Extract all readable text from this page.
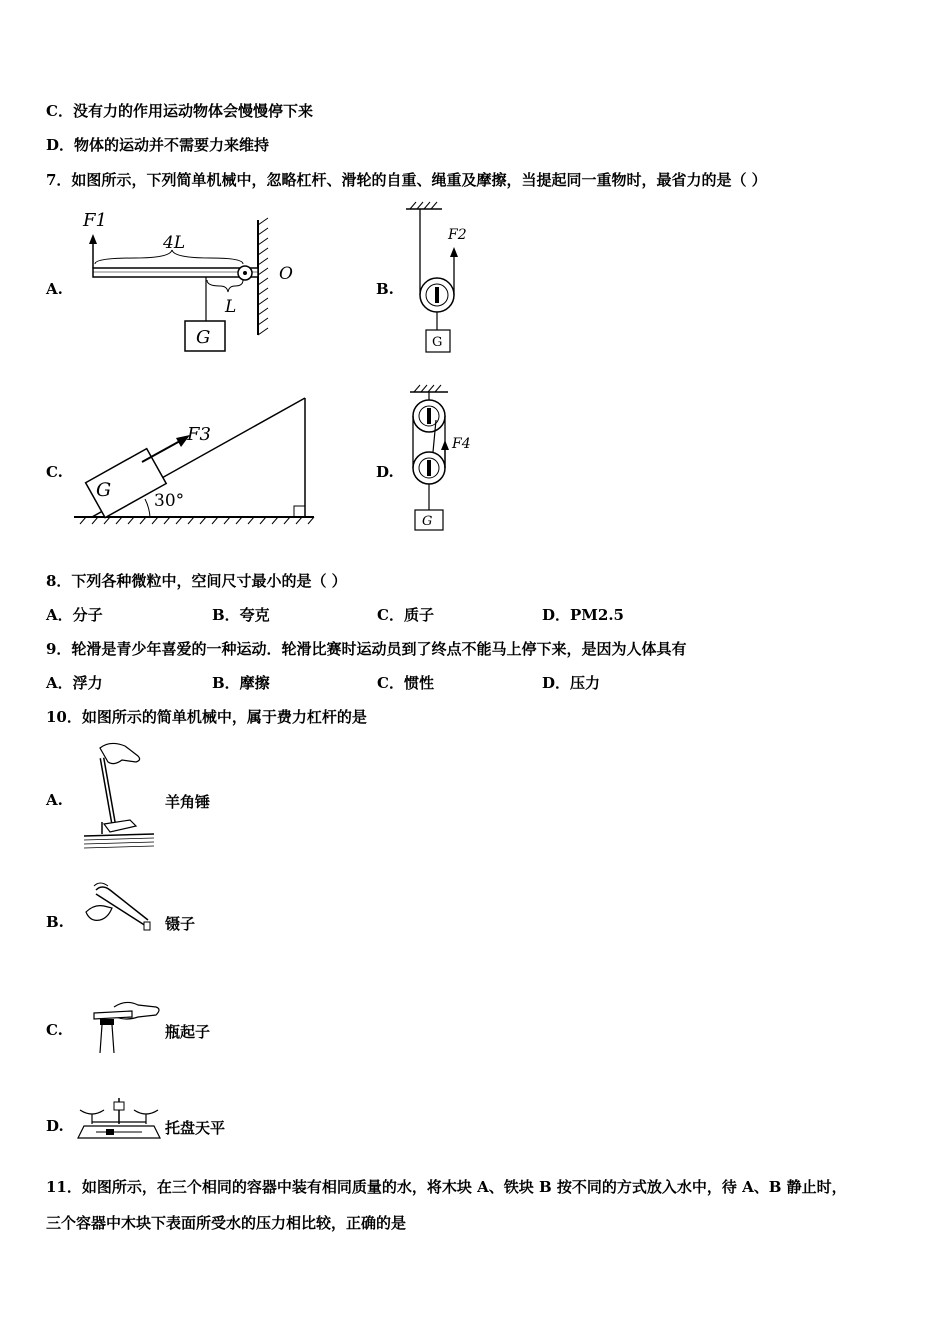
C．没有力的作用运动物体会慢慢停下来
D．物体的运动并不需要力来维持
7．如图所示，下列简单机械中，忽略杠杆、滑轮的自重、绳重及摩擦，当提起同一重物时，最省力的是（ ）
A.
F1
4L
L
O
G
B.
F2
G
C.
G
F3
30°
D.
F4
G
8．下列各种微粒中，空间尺寸最小的是（ ）
A．分子	B．夸克	C．质子	D．PM2.5
9．轮滑是青少年喜爱的一种运动．轮滑比赛时运动员到了终点不能马上停下来，是因为人体具有
A．浮力	B．摩擦	C．惯性	D．压力
10．如图所示的简单机械中，属于费力杠杆的是
A.	羊角锤
B.	镊子
C.	瓶起子
D.	托盘天平
11．如图所示，在三个相同的容器中装有相同质量的水，将木块 A、铁块 B 按不同的方式放入水中，待 A、B 静止时，
三个容器中木块下表面所受水的压力相比较，正确的是
